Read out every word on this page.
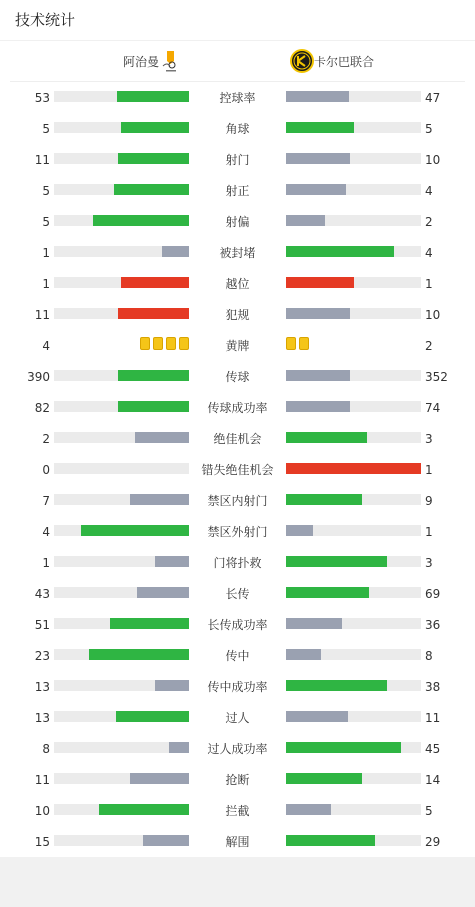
技术统计
阿治曼	卡尔巴联合
53	控球率	47
5	角球	5
11	射门	10
5	射正	4
5	射偏	2
1	被封堵	4
1	越位	1
11	犯规	10
4	黄牌	2
390	传球	352
82	传球成功率	74
2	绝佳机会	3
0	错失绝佳机会	1
7	禁区内射门	9
4	禁区外射门	1
1	门将扑救	3
43	长传	69
51	长传成功率	36
23	传中	8
13	传中成功率	38
13	过人	11
8	过人成功率	45
11	抢断	14
10	拦截	5
15	解围	29
